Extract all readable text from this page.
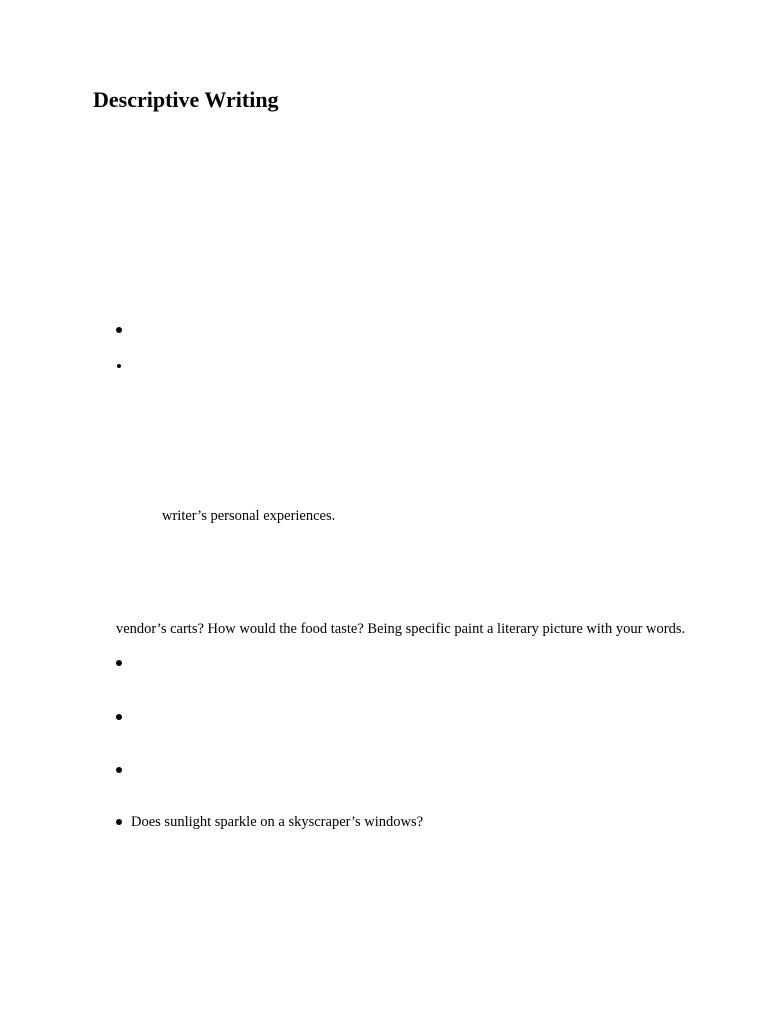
Descriptive Writing
writer’s personal experiences.
vendor’s carts? How would the food taste? Being specific paint a literary picture with your words.
Does sunlight sparkle on a skyscraper’s windows?
